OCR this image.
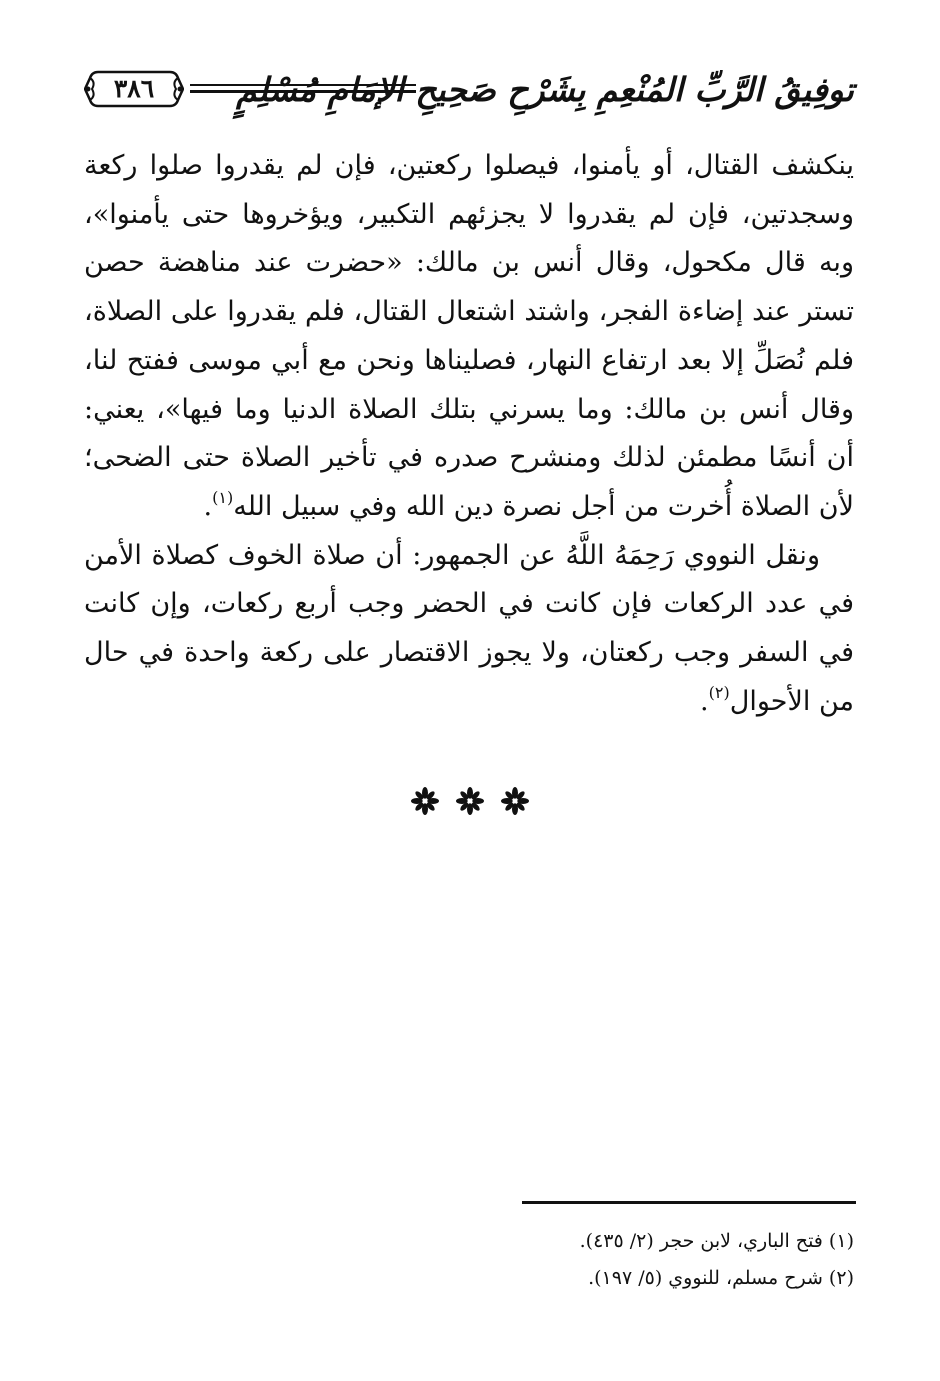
٣٨٦	توفِيقُ الرَّبِّ المُنْعِمِ بِشَرْحِ صَحِيحِ الإمَامِ مُسْلِمٍ

ينكشف القتال، أو يأمنوا، فيصلوا ركعتين، فإن لم يقدروا صلوا ركعة وسجدتين، فإن لم يقدروا لا يجزئهم التكبير، ويؤخروها حتى يأمنوا»، وبه قال مكحول، وقال أنس بن مالك: «حضرت عند مناهضة حصن تستر عند إضاءة الفجر، واشتد اشتعال القتال، فلم يقدروا على الصلاة، فلم نُصَلِّ إلا بعد ارتفاع النهار، فصليناها ونحن مع أبي موسى ففتح لنا، وقال أنس بن مالك: وما يسرني بتلك الصلاة الدنيا وما فيها»، يعني: أن أنسًا مطمئن لذلك ومنشرح صدره في تأخير الصلاة حتى الضحى؛ لأن الصلاة أُخرت من أجل نصرة دين الله وفي سبيل الله$^{(١)}$.

ونقل النووي رَحِمَهُ اللَّهُ عن الجمهور: أن صلاة الخوف كصلاة الأمن في عدد الركعات فإن كانت في الحضر وجب أربع ركعات، وإن كانت في السفر وجب ركعتان، ولا يجوز الاقتصار على ركعة واحدة في حال من الأحوال$^{(٢)}$.

(١) فتح الباري، لابن حجر (٢/ ٤٣٥).
(٢) شرح مسلم، للنووي (٥/ ١٩٧).
